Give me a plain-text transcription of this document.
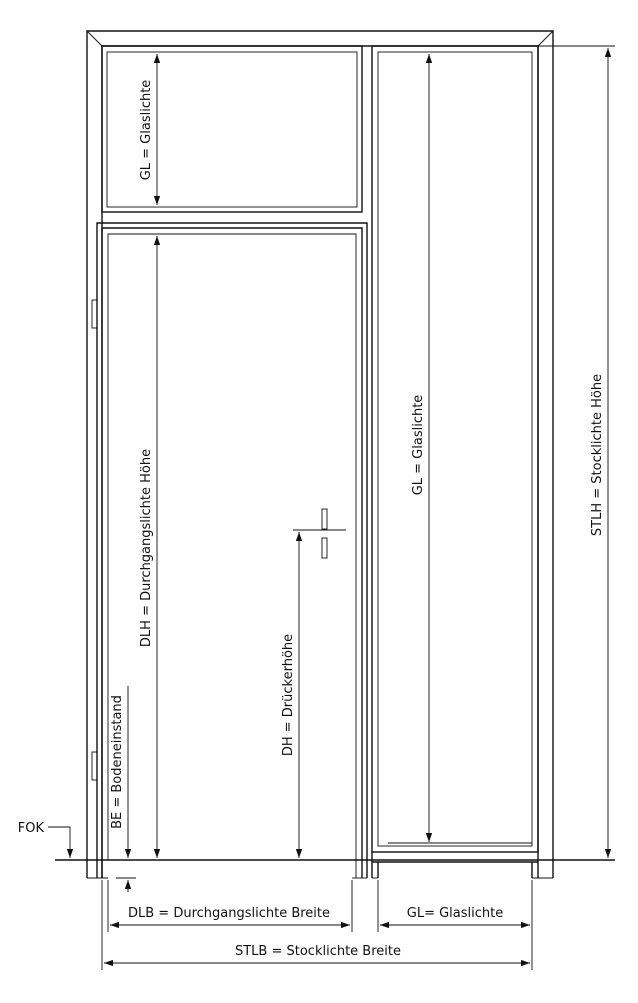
FOK
STLH = Stocklichte Höhe
GL = Glaslichte
GL = Glaslichte
DLH = Durchgangslichte Höhe
DH = Drückerhöhe
BE = Bodeneinstand
DLB = Durchgangslichte Breite	GL= Glaslichte
STLB = Stocklichte Breite
